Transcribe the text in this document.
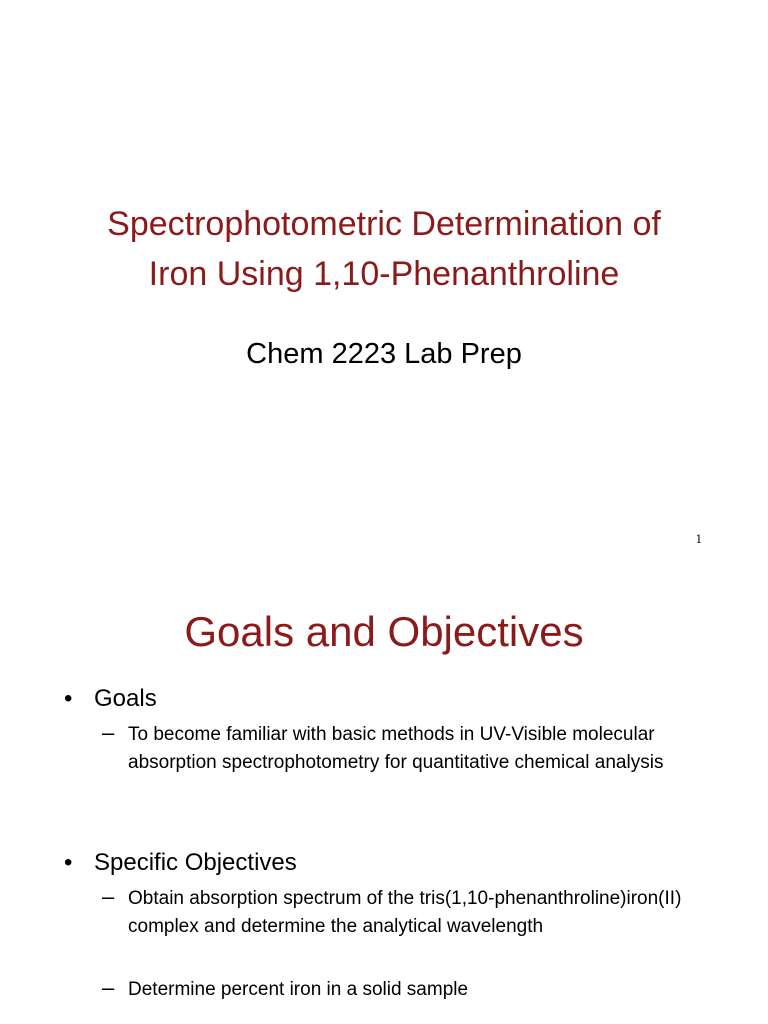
Spectrophotometric Determination of
Iron Using 1,10-Phenanthroline
Chem 2223 Lab Prep
1
Goals and Objectives
• Goals
– To become familiar with basic methods in UV-Visible molecular absorption spectrophotometry for quantitative chemical analysis
• Specific Objectives
– Obtain absorption spectrum of the tris(1,10-phenanthroline)iron(II) complex and determine the analytical wavelength
– Determine percent iron in a solid sample
